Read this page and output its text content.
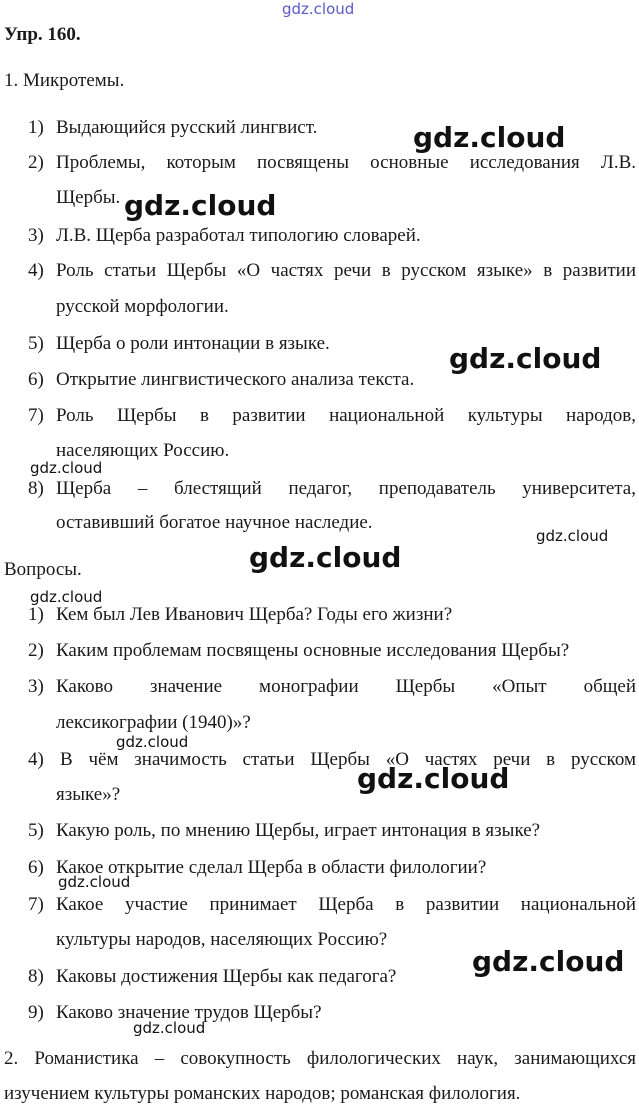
gdz.cloud
Упр. 160.
1. Микротемы.
1) Выдающийся русский лингвист.
2) Проблемы, которым посвящены основные исследования Л.В.
Щербы.
3) Л.В. Щерба разработал типологию словарей.
4) Роль статьи Щербы «О частях речи в русском языке» в развитии
русской морфологии.
5) Щерба о роли интонации в языке.
6) Открытие лингвистического анализа текста.
7) Роль Щербы в развитии национальной культуры народов,
населяющих Россию.
8) Щерба – блестящий педагог, преподаватель университета,
оставивший богатое научное наследие.
Вопросы.
1) Кем был Лев Иванович Щерба? Годы его жизни?
2) Каким проблемам посвящены основные исследования Щербы?
3) Каково значение монографии Щербы «Опыт общей
лексикографии (1940)»?
4) В чём значимость статьи Щербы «О частях речи в русском
языке»?
5) Какую роль, по мнению Щербы, играет интонация в языке?
6) Какое открытие сделал Щерба в области филологии?
7) Какое участие принимает Щерба в развитии национальной
культуры народов, населяющих Россию?
8) Каковы достижения Щербы как педагога?
9) Каково значение трудов Щербы?
2. Романистика – совокупность филологических наук, занимающихся
изучением культуры романских народов; романская филология.
gdz.cloud
gdz.cloud
gdz.cloud
gdz.cloud
gdz.cloud
gdz.cloud
gdz.cloud
gdz.cloud
gdz.cloud
gdz.cloud
gdz.cloud
gdz.cloud
